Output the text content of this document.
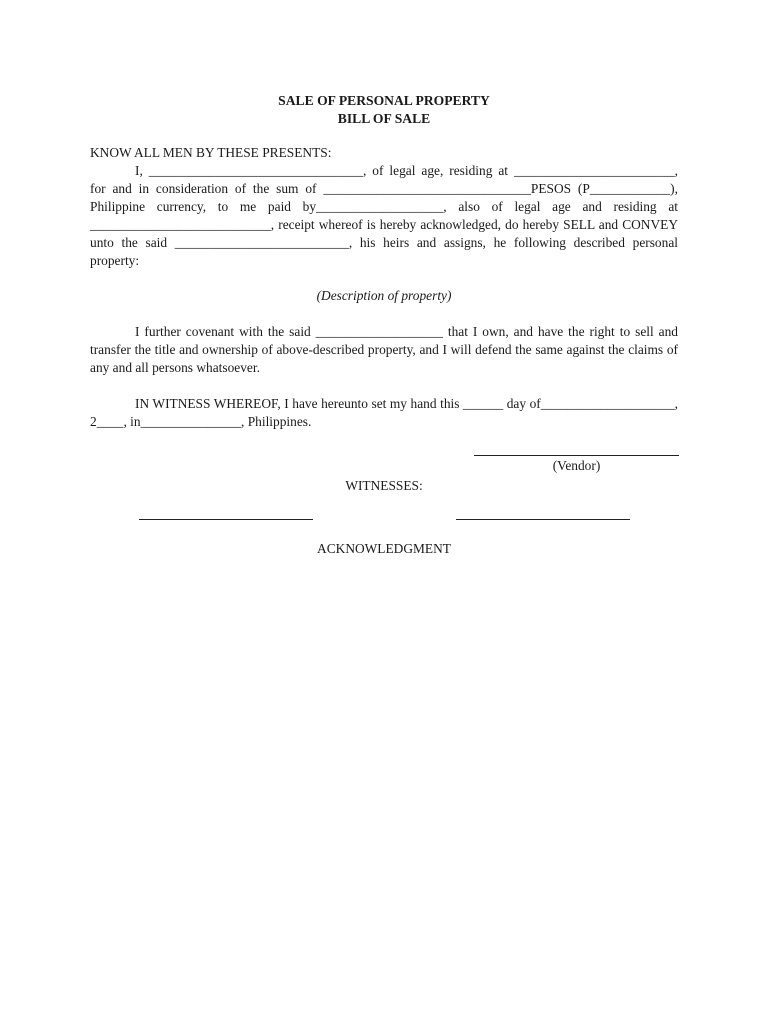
SALE OF PERSONAL PROPERTY

BILL OF SALE

KNOW ALL MEN BY THESE PRESENTS:

I, ________________________________, of legal age, residing at ________________________, for and in consideration of the sum of _______________________________PESOS (P____________), Philippine currency, to me paid by___________________, also of legal age and residing at ___________________________, receipt whereof is hereby acknowledged, do hereby SELL and CONVEY unto the said __________________________, his heirs and assigns, he following described personal property:

(Description of property)

I further covenant with the said ___________________ that I own, and have the right to sell and transfer the title and ownership of above-described property, and I will defend the same against the claims of any and all persons whatsoever.

IN WITNESS WHEREOF, I have hereunto set my hand this ______ day of____________________, 2____, in_______________, Philippines.

(Vendor)
WITNESSES:
ACKNOWLEDGMENT
